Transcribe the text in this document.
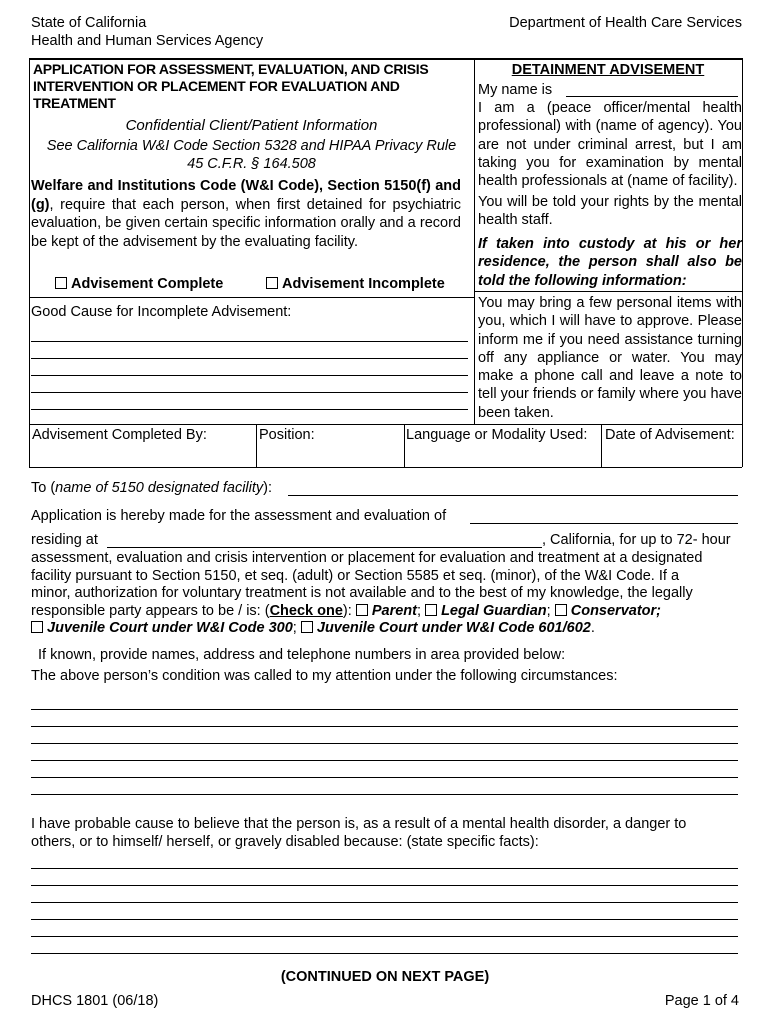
State of California
Health and Human Services Agency
Department of Health Care Services
APPLICATION FOR ASSESSMENT, EVALUATION, AND CRISIS INTERVENTION OR PLACEMENT FOR EVALUATION AND TREATMENT
Confidential Client/Patient Information
See California W&I Code Section 5328 and HIPAA Privacy Rule
45 C.F.R. § 164.508
Welfare and Institutions Code (W&I Code), Section 5150(f) and (g), require that each person, when first detained for psychiatric evaluation, be given certain specific information orally and a record be kept of the advisement by the evaluating facility.
Advisement Complete	Advisement Incomplete
Good Cause for Incomplete Advisement:
DETAINMENT ADVISEMENT
My name is
I am a (peace officer/mental health professional) with (name of agency). You are not under criminal arrest, but I am taking you for examination by mental health professionals at (name of facility).
You will be told your rights by the mental health staff.
If taken into custody at his or her residence, the person shall also be told the following information:
You may bring a few personal items with you, which I will have to approve. Please inform me if you need assistance turning off any appliance or water. You may make a phone call and leave a note to tell your friends or family where you have been taken.
Advisement Completed By:	Position:	Language or Modality Used: Date of Advisement:
To (name of 5150 designated facility):
Application is hereby made for the assessment and evaluation of
residing at	, California, for up to 72- hour
assessment, evaluation and crisis intervention or placement for evaluation and treatment at a designated
facility pursuant to Section 5150, et seq. (adult) or Section 5585 et seq. (minor), of the W&I Code. If a
minor, authorization for voluntary treatment is not available and to the best of my knowledge, the legally
responsible party appears to be / is: (Check one):  Parent;  Legal Guardian;  Conservator;
Juvenile Court under W&I Code 300;  Juvenile Court under W&I Code 601/602.
If known, provide names, address and telephone numbers in area provided below:
The above person’s condition was called to my attention under the following circumstances:
I have probable cause to believe that the person is, as a result of a mental health disorder, a danger to
others, or to himself/ herself, or gravely disabled because: (state specific facts):
(CONTINUED ON NEXT PAGE)
DHCS 1801 (06/18)	Page 1 of 4
